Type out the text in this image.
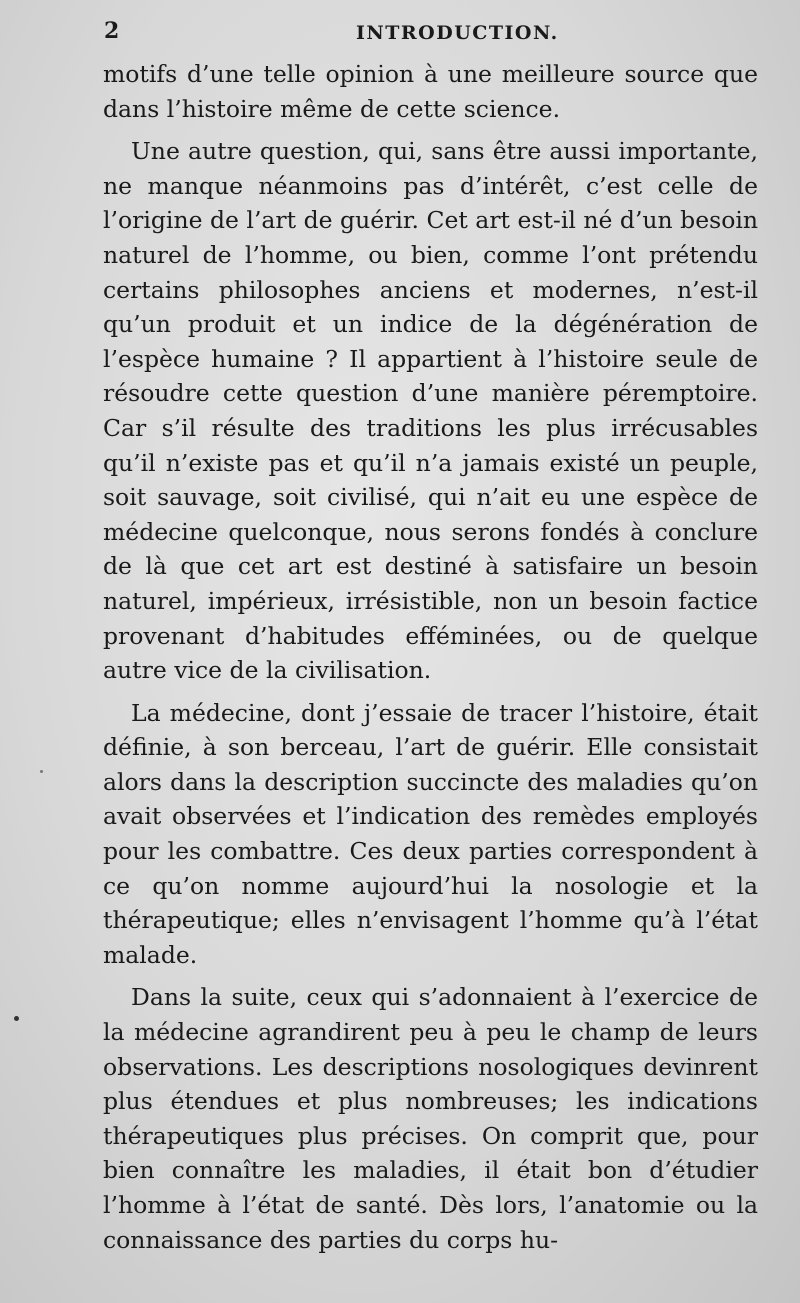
2	INTRODUCTION.

motifs d’une telle opinion à une meilleure source que dans l’histoire même de cette science.

Une autre question, qui, sans être aussi importante, ne manque néanmoins pas d’intérêt, c’est celle de l’origine de l’art de guérir. Cet art est-il né d’un besoin naturel de l’homme, ou bien, comme l’ont prétendu certains philosophes anciens et modernes, n’est-il qu’un produit et un indice de la dégénération de l’espèce humaine ? Il appartient à l’histoire seule de résoudre cette question d’une manière péremptoire. Car s’il résulte des traditions les plus irrécusables qu’il n’existe pas et qu’il n’a jamais existé un peuple, soit sauvage, soit civilisé, qui n’ait eu une espèce de médecine quelconque, nous serons fondés à conclure de là que cet art est destiné à satisfaire un besoin naturel, impérieux, irrésistible, non un besoin factice provenant d’habitudes efféminées, ou de quelque autre vice de la civilisation.

La médecine, dont j’essaie de tracer l’histoire, était définie, à son berceau, l’art de guérir. Elle consistait alors dans la description succincte des maladies qu’on avait observées et l’indication des remèdes employés pour les combattre. Ces deux parties correspondent à ce qu’on nomme aujourd’hui la nosologie et la thérapeutique; elles n’envisagent l’homme qu’à l’état malade.

Dans la suite, ceux qui s’adonnaient à l’exercice de la médecine agrandirent peu à peu le champ de leurs observations. Les descriptions nosologiques devinrent plus étendues et plus nombreuses; les indications thérapeutiques plus précises. On comprit que, pour bien connaître les maladies, il était bon d’étudier l’homme à l’état de santé. Dès lors, l’anatomie ou la connaissance des parties du corps hu-
